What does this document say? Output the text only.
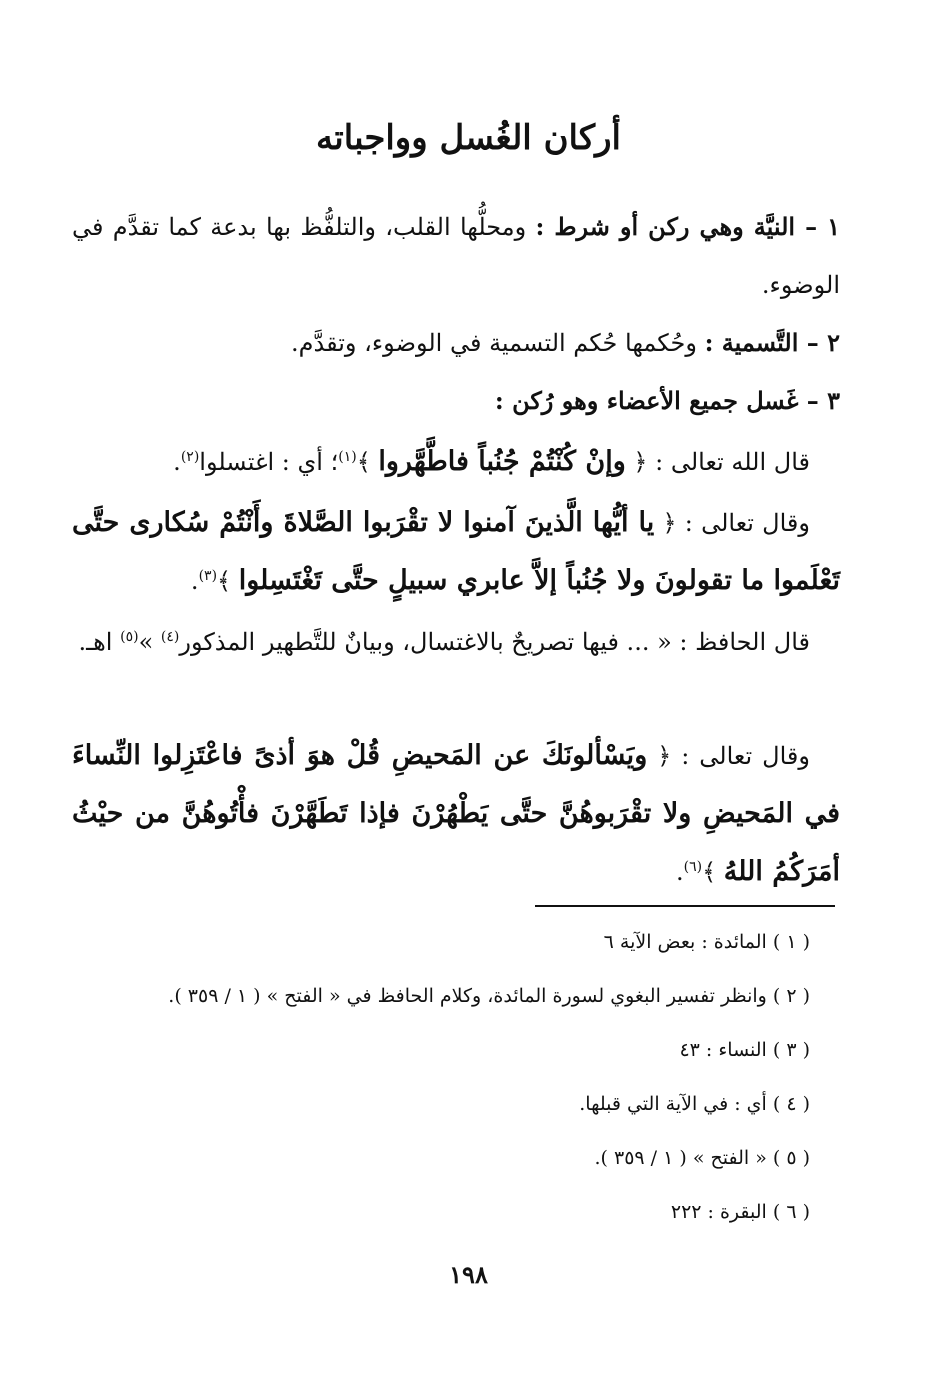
أركان الغُسل وواجباته
١ – النيَّة وهي ركن أو شرط : ومحلُّها القلب، والتلفُّظ بها بدعة كما تقدَّم في الوضوء.
٢ – التَّسمية : وحُكمها حُكم التسمية في الوضوء، وتقدَّم.
٣ – غَسل جميع الأعضاء وهو رُكن :
قال الله تعالى : ﴿ وإنْ كُنْتُمْ جُنُباً فاطَّهَّروا ﴾$^{(١)}$؛ أي : اغتسلوا$^{(٢)}$.
وقال تعالى : ﴿ يا أيُّها الَّذينَ آمنوا لا تقْرَبوا الصَّلاةَ وأَنْتُمْ سُكارى حتَّى تَعْلَموا ما تقولونَ ولا جُنُباً إلاَّ عابري سبيلٍ حتَّى تَغْتَسِلوا ﴾$^{(٣)}$.
قال الحافظ : « ... فيها تصريحٌ بالاغتسال، وبيانٌ للتَّطهير المذكور$^{(٤)}$ »$^{(٥)}$ اهـ.
وقال تعالى : ﴿ ويَسْألونَكَ عن المَحيضِ قُلْ هوَ أذىً فاعْتَزِلوا النِّساءَ في المَحيضِ ولا تقْرَبوهُنَّ حتَّى يَطْهُرْنَ فإذا تَطَهَّرْنَ فأْتُوهُنَّ من حيْثُ أمَرَكُمُ اللهُ ﴾$^{(٦)}$.
( ١ ) المائدة : بعض الآية ٦
( ٢ ) وانظر تفسير البغوي لسورة المائدة، وكلام الحافظ في « الفتح » ( ١ / ٣٥٩ ).
( ٣ ) النساء : ٤٣
( ٤ ) أي : في الآية التي قبلها.
( ٥ ) « الفتح » ( ١ / ٣٥٩ ).
( ٦ ) البقرة : ٢٢٢
١٩٨
